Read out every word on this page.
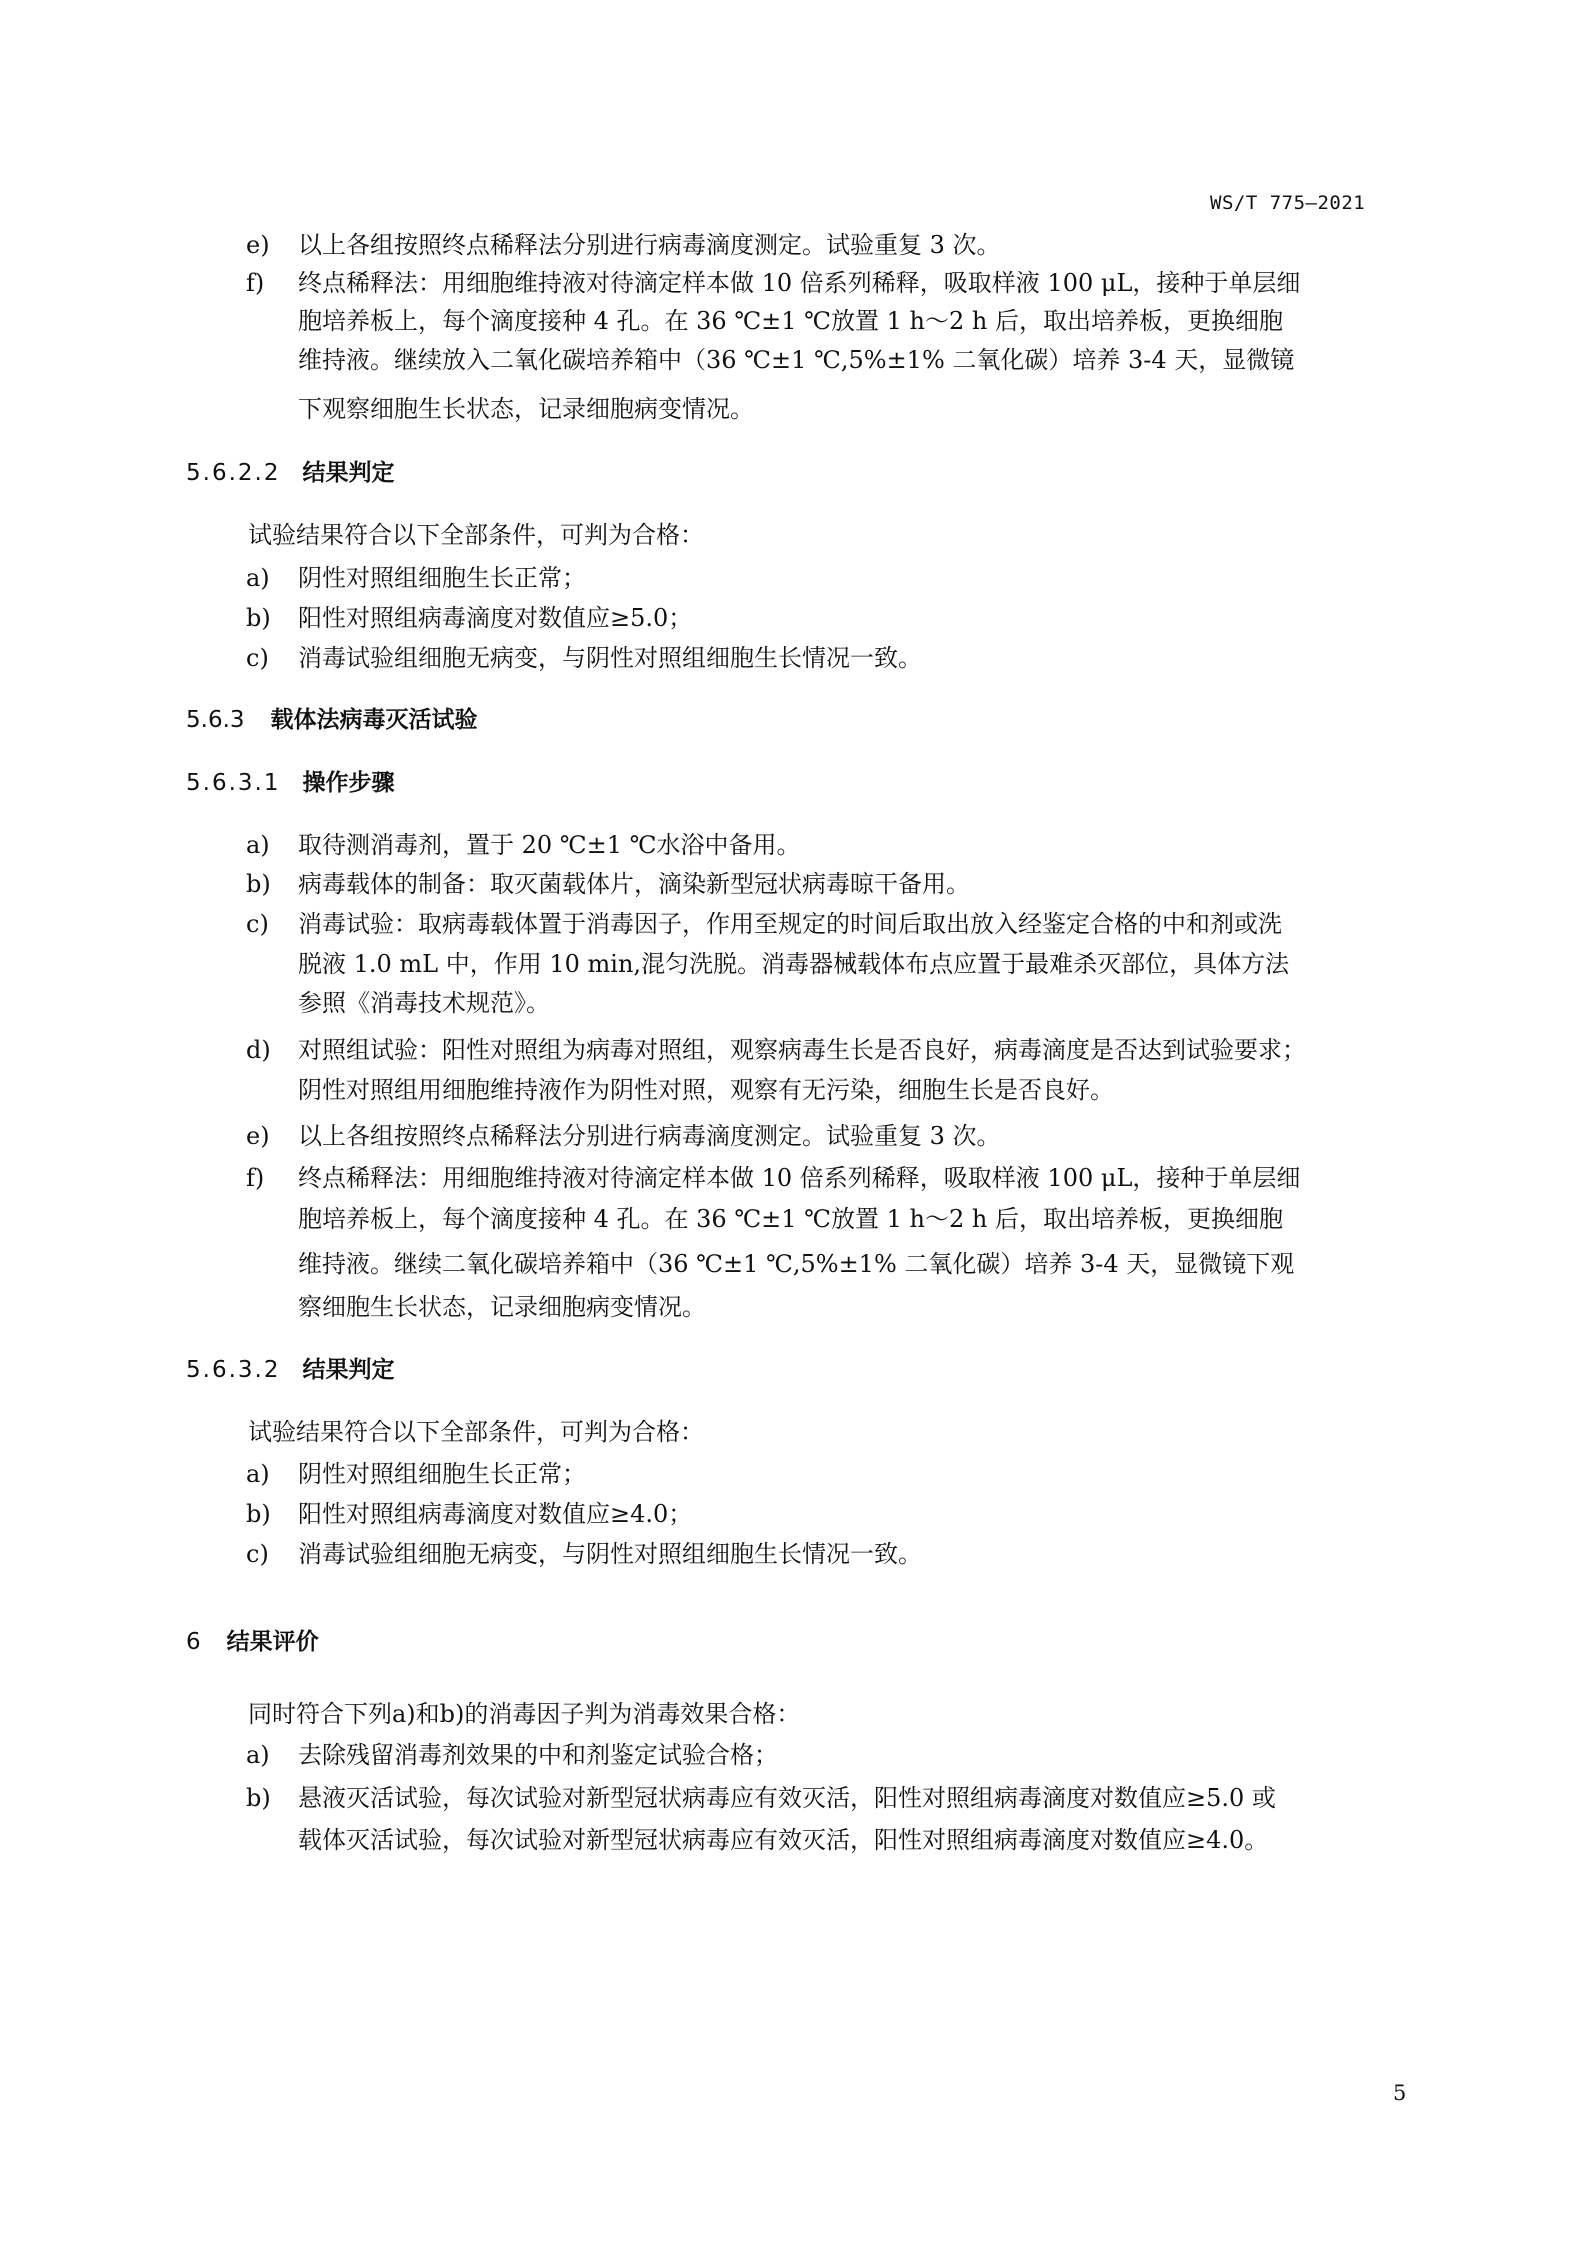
WS/T 775—2021
e) 以上各组按照终点稀释法分别进行病毒滴度测定。试验重复 3 次。
f) 终点稀释法：用细胞维持液对待滴定样本做 10 倍系列稀释，吸取样液 100 μL，接种于单层细
胞培养板上，每个滴度接种 4 孔。在 36 ℃±1 ℃放置 1 h～2 h 后，取出培养板，更换细胞
维持液。继续放入二氧化碳培养箱中（36 ℃±1 ℃,5%±1% 二氧化碳）培养 3-4 天，显微镜
下观察细胞生长状态，记录细胞病变情况。
5.6.2.2 结果判定
试验结果符合以下全部条件，可判为合格：
a) 阴性对照组细胞生长正常；
b) 阳性对照组病毒滴度对数值应≥5.0；
c) 消毒试验组细胞无病变，与阴性对照组细胞生长情况一致。
5.6.3 载体法病毒灭活试验
5.6.3.1 操作步骤
a) 取待测消毒剂，置于 20 ℃±1 ℃水浴中备用。
b) 病毒载体的制备：取灭菌载体片，滴染新型冠状病毒晾干备用。
c) 消毒试验：取病毒载体置于消毒因子，作用至规定的时间后取出放入经鉴定合格的中和剂或洗
脱液 1.0 mL 中，作用 10 min,混匀洗脱。消毒器械载体布点应置于最难杀灭部位，具体方法
参照《消毒技术规范》。
d) 对照组试验：阳性对照组为病毒对照组，观察病毒生长是否良好，病毒滴度是否达到试验要求；
阴性对照组用细胞维持液作为阴性对照，观察有无污染，细胞生长是否良好。
e) 以上各组按照终点稀释法分别进行病毒滴度测定。试验重复 3 次。
f) 终点稀释法：用细胞维持液对待滴定样本做 10 倍系列稀释，吸取样液 100 μL，接种于单层细
胞培养板上，每个滴度接种 4 孔。在 36 ℃±1 ℃放置 1 h～2 h 后，取出培养板，更换细胞
维持液。继续二氧化碳培养箱中（36 ℃±1 ℃,5%±1% 二氧化碳）培养 3-4 天，显微镜下观
察细胞生长状态，记录细胞病变情况。
5.6.3.2 结果判定
试验结果符合以下全部条件，可判为合格：
a) 阴性对照组细胞生长正常；
b) 阳性对照组病毒滴度对数值应≥4.0；
c) 消毒试验组细胞无病变，与阴性对照组细胞生长情况一致。
6 结果评价
同时符合下列a)和b)的消毒因子判为消毒效果合格：
a) 去除残留消毒剂效果的中和剂鉴定试验合格；
b) 悬液灭活试验，每次试验对新型冠状病毒应有效灭活，阳性对照组病毒滴度对数值应≥5.0 或
载体灭活试验，每次试验对新型冠状病毒应有效灭活，阳性对照组病毒滴度对数值应≥4.0。
5
